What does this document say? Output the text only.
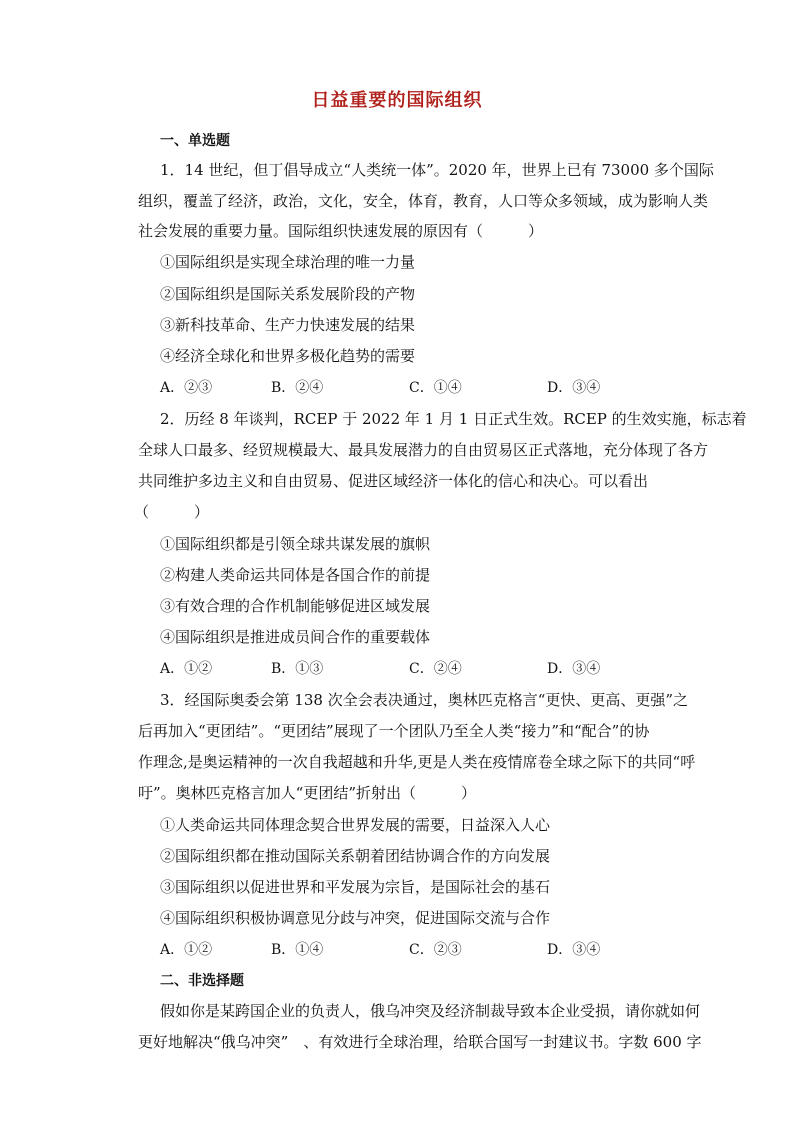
日益重要的国际组织
一、单选题
1．14 世纪，但丁倡导成立“人类统一体”。2020 年，世界上已有 73000 多个国际
组织，覆盖了经济，政治，文化，安全，体育，教育，人口等众多领域，成为影响人类
社会发展的重要力量。国际组织快速发展的原因有（　　　）
①国际组织是实现全球治理的唯一力量
②国际组织是国际关系发展阶段的产物
③新科技革命、生产力快速发展的结果
④经济全球化和世界多极化趋势的需要
A．②③	B．②④	C．①④	D．③④
2．历经 8 年谈判，RCEP 于 2022 年 1 月 1 日正式生效。RCEP 的生效实施，标志着
全球人口最多、经贸规模最大、最具发展潜力的自由贸易区正式落地，充分体现了各方
共同维护多边主义和自由贸易、促进区域经济一体化的信心和决心。可以看出
（　　　）
①国际组织都是引领全球共谋发展的旗帜
②构建人类命运共同体是各国合作的前提
③有效合理的合作机制能够促进区域发展
④国际组织是推进成员间合作的重要载体
A．①②	B．①③	C．②④	D．③④
3．经国际奥委会第 138 次全会表决通过，奥林匹克格言“更快、更高、更强”之
后再加入“更团结”。“更团结”展现了一个团队乃至全人类“接力”和“配合”的协
作理念,是奥运精神的一次自我超越和升华,更是人类在疫情席卷全球之际下的共同“呼
吁”。奥林匹克格言加人“更团结”折射出（　　　）
①人类命运共同体理念契合世界发展的需要，日益深入人心
②国际组织都在推动国际关系朝着团结协调合作的方向发展
③国际组织以促进世界和平发展为宗旨，是国际社会的基石
④国际组织积极协调意见分歧与冲突，促进国际交流与合作
A．①②	B．①④	C．②③	D．③④
二、非选择题
假如你是某跨国企业的负责人，俄乌冲突及经济制裁导致本企业受损，请你就如何
更好地解决“俄乌冲突”　、有效进行全球治理，给联合国写一封建议书。字数 600 字
